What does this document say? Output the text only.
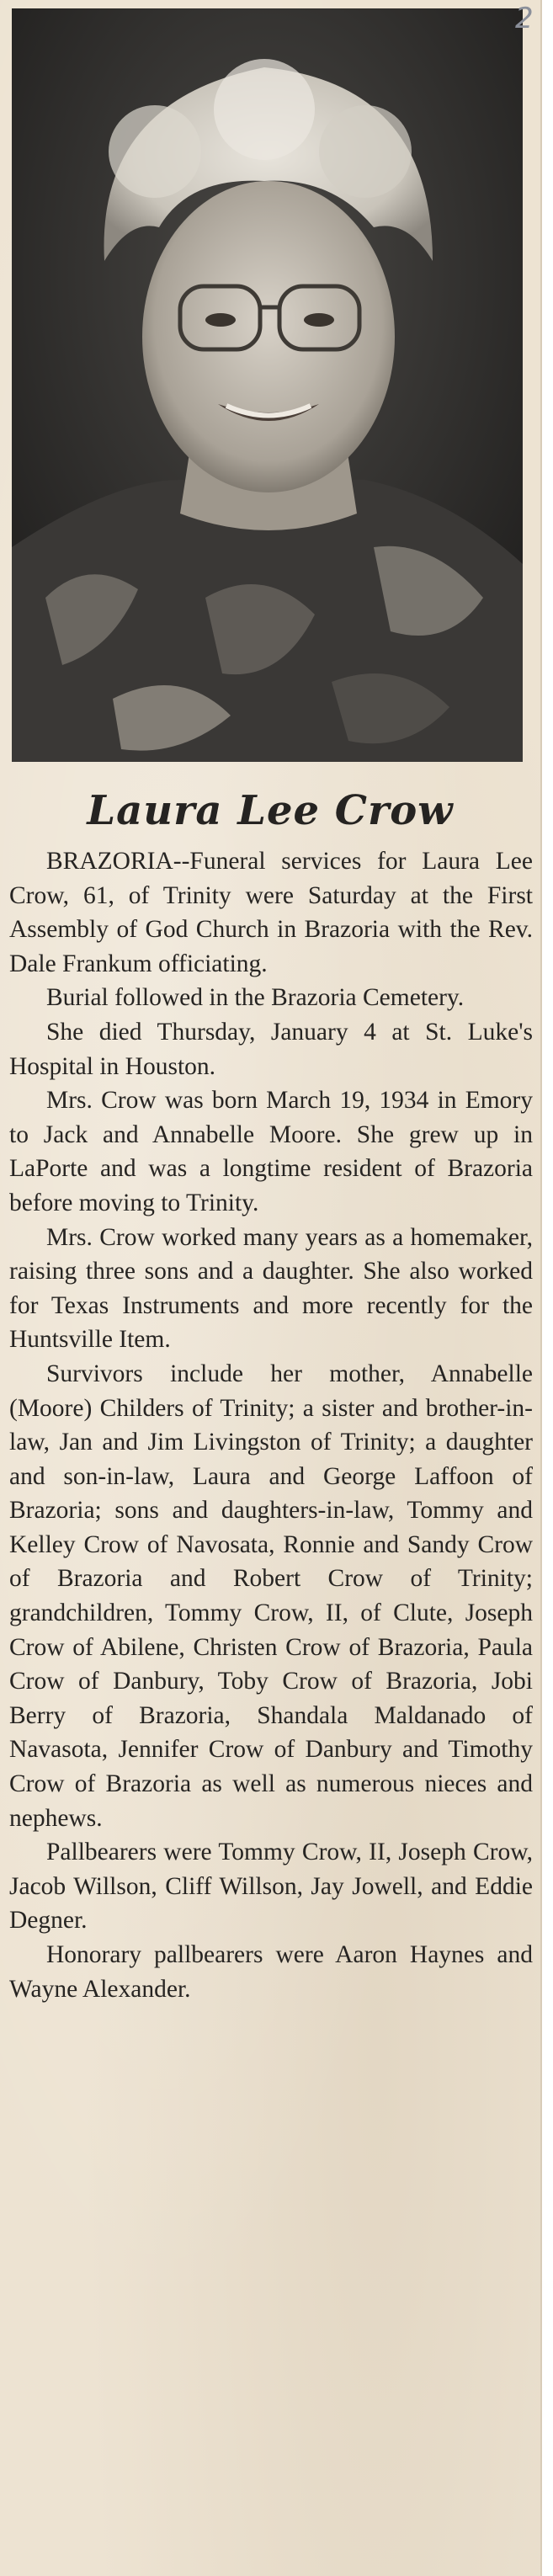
Laura Lee Crow

BRAZORIA--Funeral services for Laura Lee Crow, 61, of Trinity were Saturday at the First Assembly of God Church in Brazoria with the Rev. Dale Frankum officiating.

Burial followed in the Brazoria Cemetery.

She died Thursday, January 4 at St. Luke's Hospital in Houston.

Mrs. Crow was born March 19, 1934 in Emory to Jack and Annabelle Moore. She grew up in LaPorte and was a longtime resident of Brazoria before moving to Trinity.

Mrs. Crow worked many years as a homemaker, raising three sons and a daughter. She also worked for Texas Instruments and more recently for the Huntsville Item.

Survivors include her mother, Annabelle (Moore) Childers of Trinity; a sister and brother-in-law, Jan and Jim Livingston of Trinity; a daughter and son-in-law, Laura and George Laffoon of Brazoria; sons and daughters-in-law, Tommy and Kelley Crow of Navosata, Ronnie and Sandy Crow of Brazoria and Robert Crow of Trinity; grandchildren, Tommy Crow, II, of Clute, Joseph Crow of Abilene, Christen Crow of Brazoria, Paula Crow of Danbury, Toby Crow of Brazoria, Jobi Berry of Brazoria, Shandala Maldanado of Navasota, Jennifer Crow of Danbury and Timothy Crow of Brazoria as well as numerous nieces and nephews.

Pallbearers were Tommy Crow, II, Joseph Crow, Jacob Willson, Cliff Willson, Jay Jowell, and Eddie Degner.

Honorary pallbearers were Aaron Haynes and Wayne Alexander.

2
